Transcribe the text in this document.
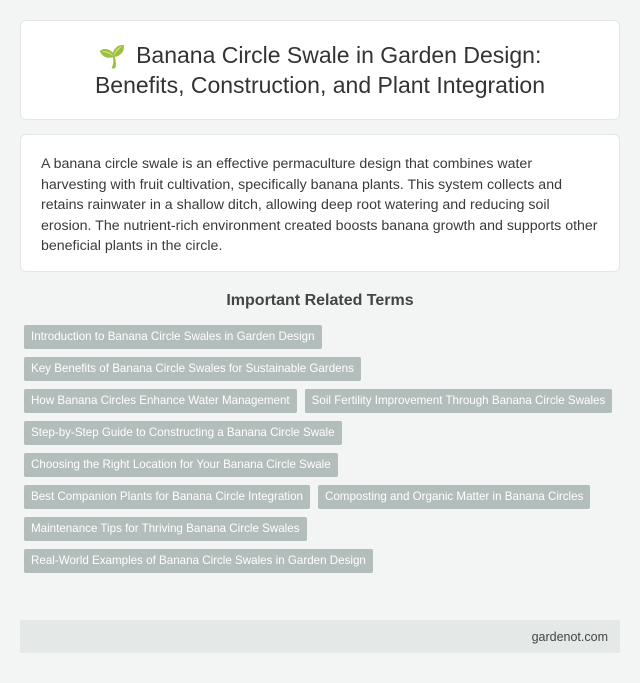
🌱 Banana Circle Swale in Garden Design: Benefits, Construction, and Plant Integration

A banana circle swale is an effective permaculture design that combines water harvesting with fruit cultivation, specifically banana plants. This system collects and retains rainwater in a shallow ditch, allowing deep root watering and reducing soil erosion. The nutrient-rich environment created boosts banana growth and supports other beneficial plants in the circle.

Important Related Terms
Introduction to Banana Circle Swales in Garden Design
Key Benefits of Banana Circle Swales for Sustainable Gardens
How Banana Circles Enhance Water Management	Soil Fertility Improvement Through Banana Circle Swales
Step-by-Step Guide to Constructing a Banana Circle Swale
Choosing the Right Location for Your Banana Circle Swale
Best Companion Plants for Banana Circle Integration	Composting and Organic Matter in Banana Circles
Maintenance Tips for Thriving Banana Circle Swales
Real-World Examples of Banana Circle Swales in Garden Design
gardenot.com
